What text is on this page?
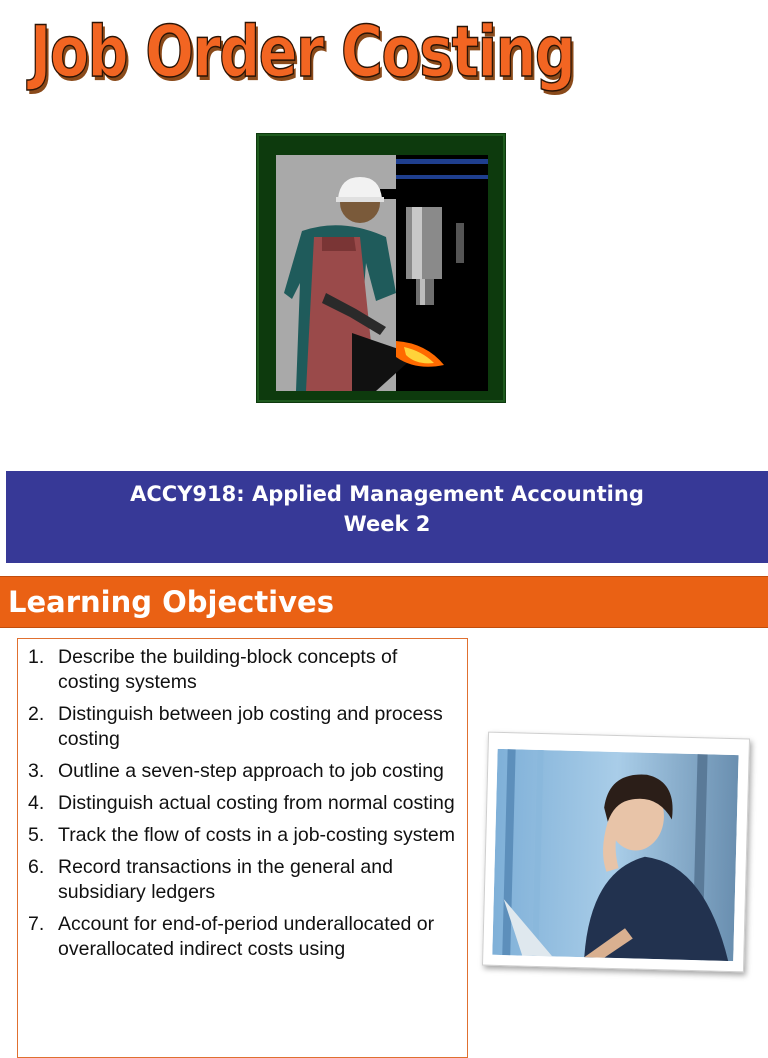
Job Order Costing
ACCY918: Applied Management Accounting
Week 2
Learning Objectives
1. Describe the building-block concepts of costing systems
2. Distinguish between job costing and process costing
3. Outline a seven-step approach to job costing
4. Distinguish actual costing from normal costing
5. Track the flow of costs in a job-costing system
6. Record transactions in the general and subsidiary ledgers
7. Account for end-of-period underallocated or overallocated indirect costs using
